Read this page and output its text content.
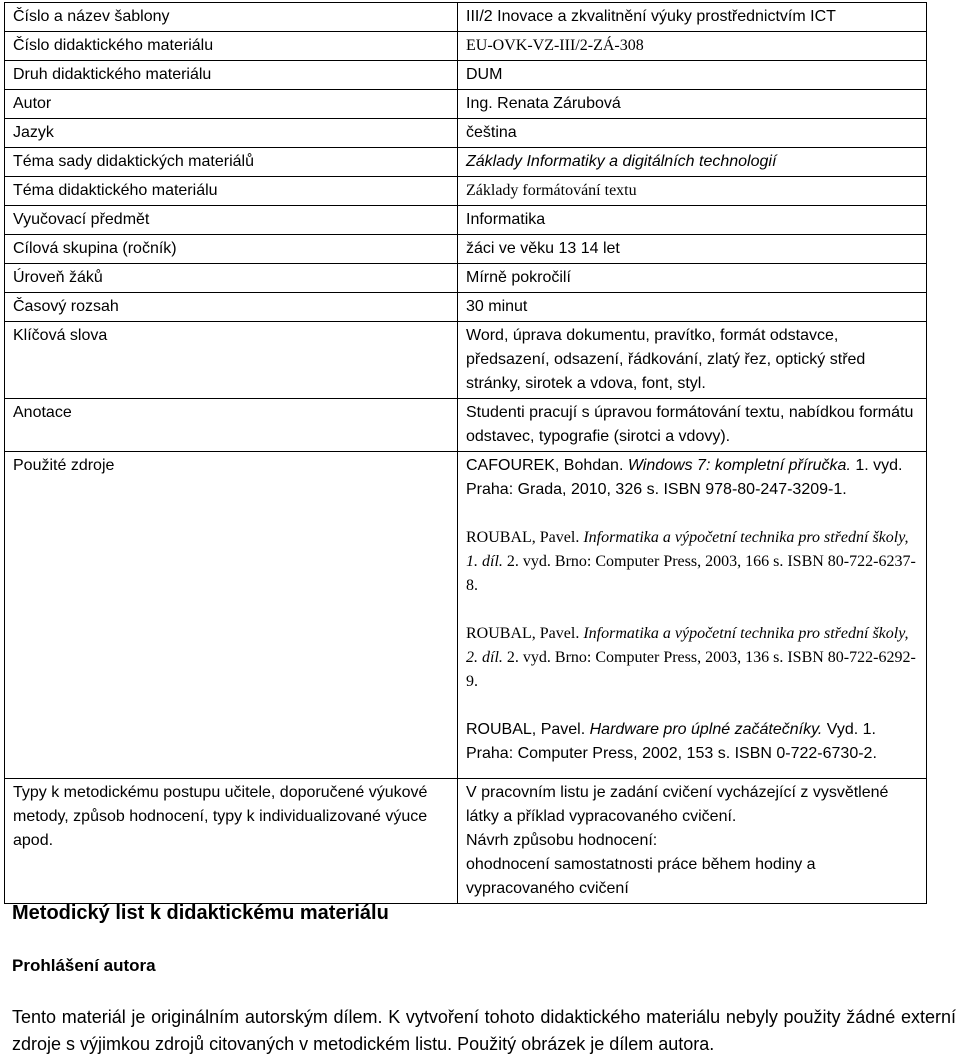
Číslo a název šablony	III/2 Inovace a zkvalitnění výuky prostřednictvím ICT
Číslo didaktického materiálu	EU-OVK-VZ-III/2-ZÁ-308
Druh didaktického materiálu	DUM
Autor	Ing. Renata Zárubová
Jazyk	čeština
Téma sady didaktických materiálů	Základy Informatiky a digitálních technologií
Téma didaktického materiálu	Základy formátování textu
Vyučovací předmět	Informatika
Cílová skupina (ročník)	žáci ve věku 13 14 let
Úroveň žáků	Mírně pokročilí
Časový rozsah	30 minut
Klíčová slova	Word, úprava dokumentu, pravítko, formát odstavce, předsazení, odsazení, řádkování, zlatý řez, optický střed stránky, sirotek a vdova, font, styl.
Anotace	Studenti pracují s úpravou formátování textu, nabídkou formátu odstavec, typografie (sirotci a vdovy).
Použité zdroje	CAFOUREK, Bohdan. Windows 7: kompletní příručka. 1. vyd. Praha: Grada, 2010, 326 s. ISBN 978-80-247-3209-1.
ROUBAL, Pavel. Informatika a výpočetní technika pro střední školy, 1. díl. 2. vyd. Brno: Computer Press, 2003, 166 s. ISBN 80-722-6237-8.
ROUBAL, Pavel. Informatika a výpočetní technika pro střední školy, 2. díl. 2. vyd. Brno: Computer Press, 2003, 136 s. ISBN 80-722-6292-9.
ROUBAL, Pavel. Hardware pro úplné začátečníky. Vyd. 1. Praha: Computer Press, 2002, 153 s. ISBN 0-722-6730-2.

Typy k metodickému postupu učitele, doporučené výukové metody, způsob hodnocení, typy k individualizované výuce apod.	V pracovním listu je zadání cvičení vycházející z vysvětlené látky a příklad vypracovaného cvičení.
Návrh způsobu hodnocení:
ohodnocení samostatnosti práce během hodiny a vypracovaného cvičení
Metodický list k didaktickému materiálu
Prohlášení autora

Tento materiál je originálním autorským dílem. K vytvoření tohoto didaktického materiálu nebyly použity žádné externí zdroje s výjimkou zdrojů citovaných v metodickém listu. Použitý obrázek je dílem autora.
